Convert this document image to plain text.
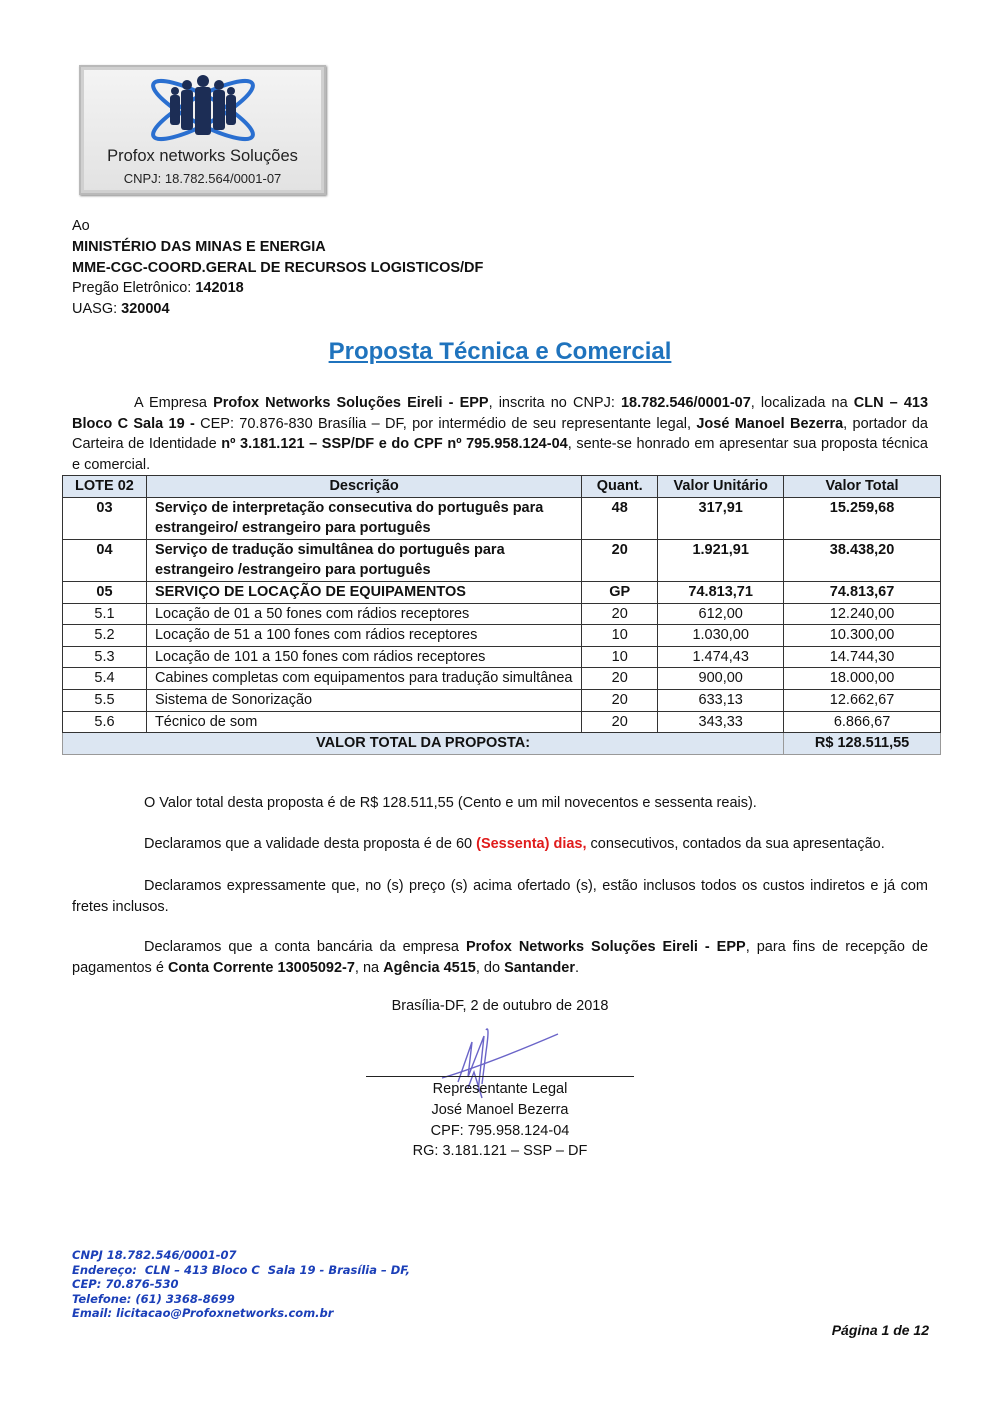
Profox networks Soluções
CNPJ: 18.782.564/0001-07
Ao
MINISTÉRIO DAS MINAS E ENERGIA
MME-CGC-COORD.GERAL DE RECURSOS LOGISTICOS/DF
Pregão Eletrônico: 142018
UASG: 320004
Proposta Técnica e Comercial
A Empresa Profox Networks Soluções Eireli - EPP, inscrita no CNPJ: 18.782.546/0001-07, localizada na CLN – 413 Bloco C Sala 19 - CEP: 70.876-830 Brasília – DF, por intermédio de seu representante legal, José Manoel Bezerra, portador da Carteira de Identidade nº 3.181.121 – SSP/DF e do CPF nº 795.958.124-04, sente-se honrado em apresentar sua proposta técnica e comercial.
LOTE 02	Descrição	Quant.	Valor Unitário	Valor Total
03	Serviço de interpretação consecutiva do português para estrangeiro/ estrangeiro para português	48	317,91	15.259,68
04	Serviço de tradução simultânea do português para estrangeiro /estrangeiro para português	20	1.921,91	38.438,20
05	SERVIÇO DE LOCAÇÃO DE EQUIPAMENTOS	GP	74.813,71	74.813,67
5.1	Locação de 01 a 50 fones com rádios receptores	20	612,00	12.240,00
5.2	Locação de 51 a 100 fones com rádios receptores	10	1.030,00	10.300,00
5.3	Locação de 101 a 150 fones com rádios receptores	10	1.474,43	14.744,30
5.4	Cabines completas com equipamentos para tradução simultânea	20	900,00	18.000,00
5.5	Sistema de Sonorização	20	633,13	12.662,67
5.6	Técnico de som	20	343,33	6.866,67
VALOR TOTAL DA PROPOSTA:				R$ 128.511,55
O Valor total desta proposta é de R$ 128.511,55 (Cento e um mil novecentos e sessenta reais).
Declaramos que a validade desta proposta é de 60 (Sessenta) dias, consecutivos, contados da sua apresentação.
Declaramos expressamente que, no (s) preço (s) acima ofertado (s), estão inclusos todos os custos indiretos e já com fretes inclusos.
Declaramos que a conta bancária da empresa Profox Networks Soluções Eireli - EPP, para fins de recepção de pagamentos é Conta Corrente 13005092-7, na Agência 4515, do Santander.
Brasília-DF, 2 de outubro de 2018
Representante Legal
José Manoel Bezerra
CPF: 795.958.124-04
RG: 3.181.121 – SSP – DF
CNPJ 18.782.546/0001-07
Endereço:  CLN – 413 Bloco C  Sala 19 - Brasília – DF,
CEP: 70.876-530
Telefone: (61) 3368-8699
Email: licitacao@Profoxnetworks.com.br
Página 1 de 12
